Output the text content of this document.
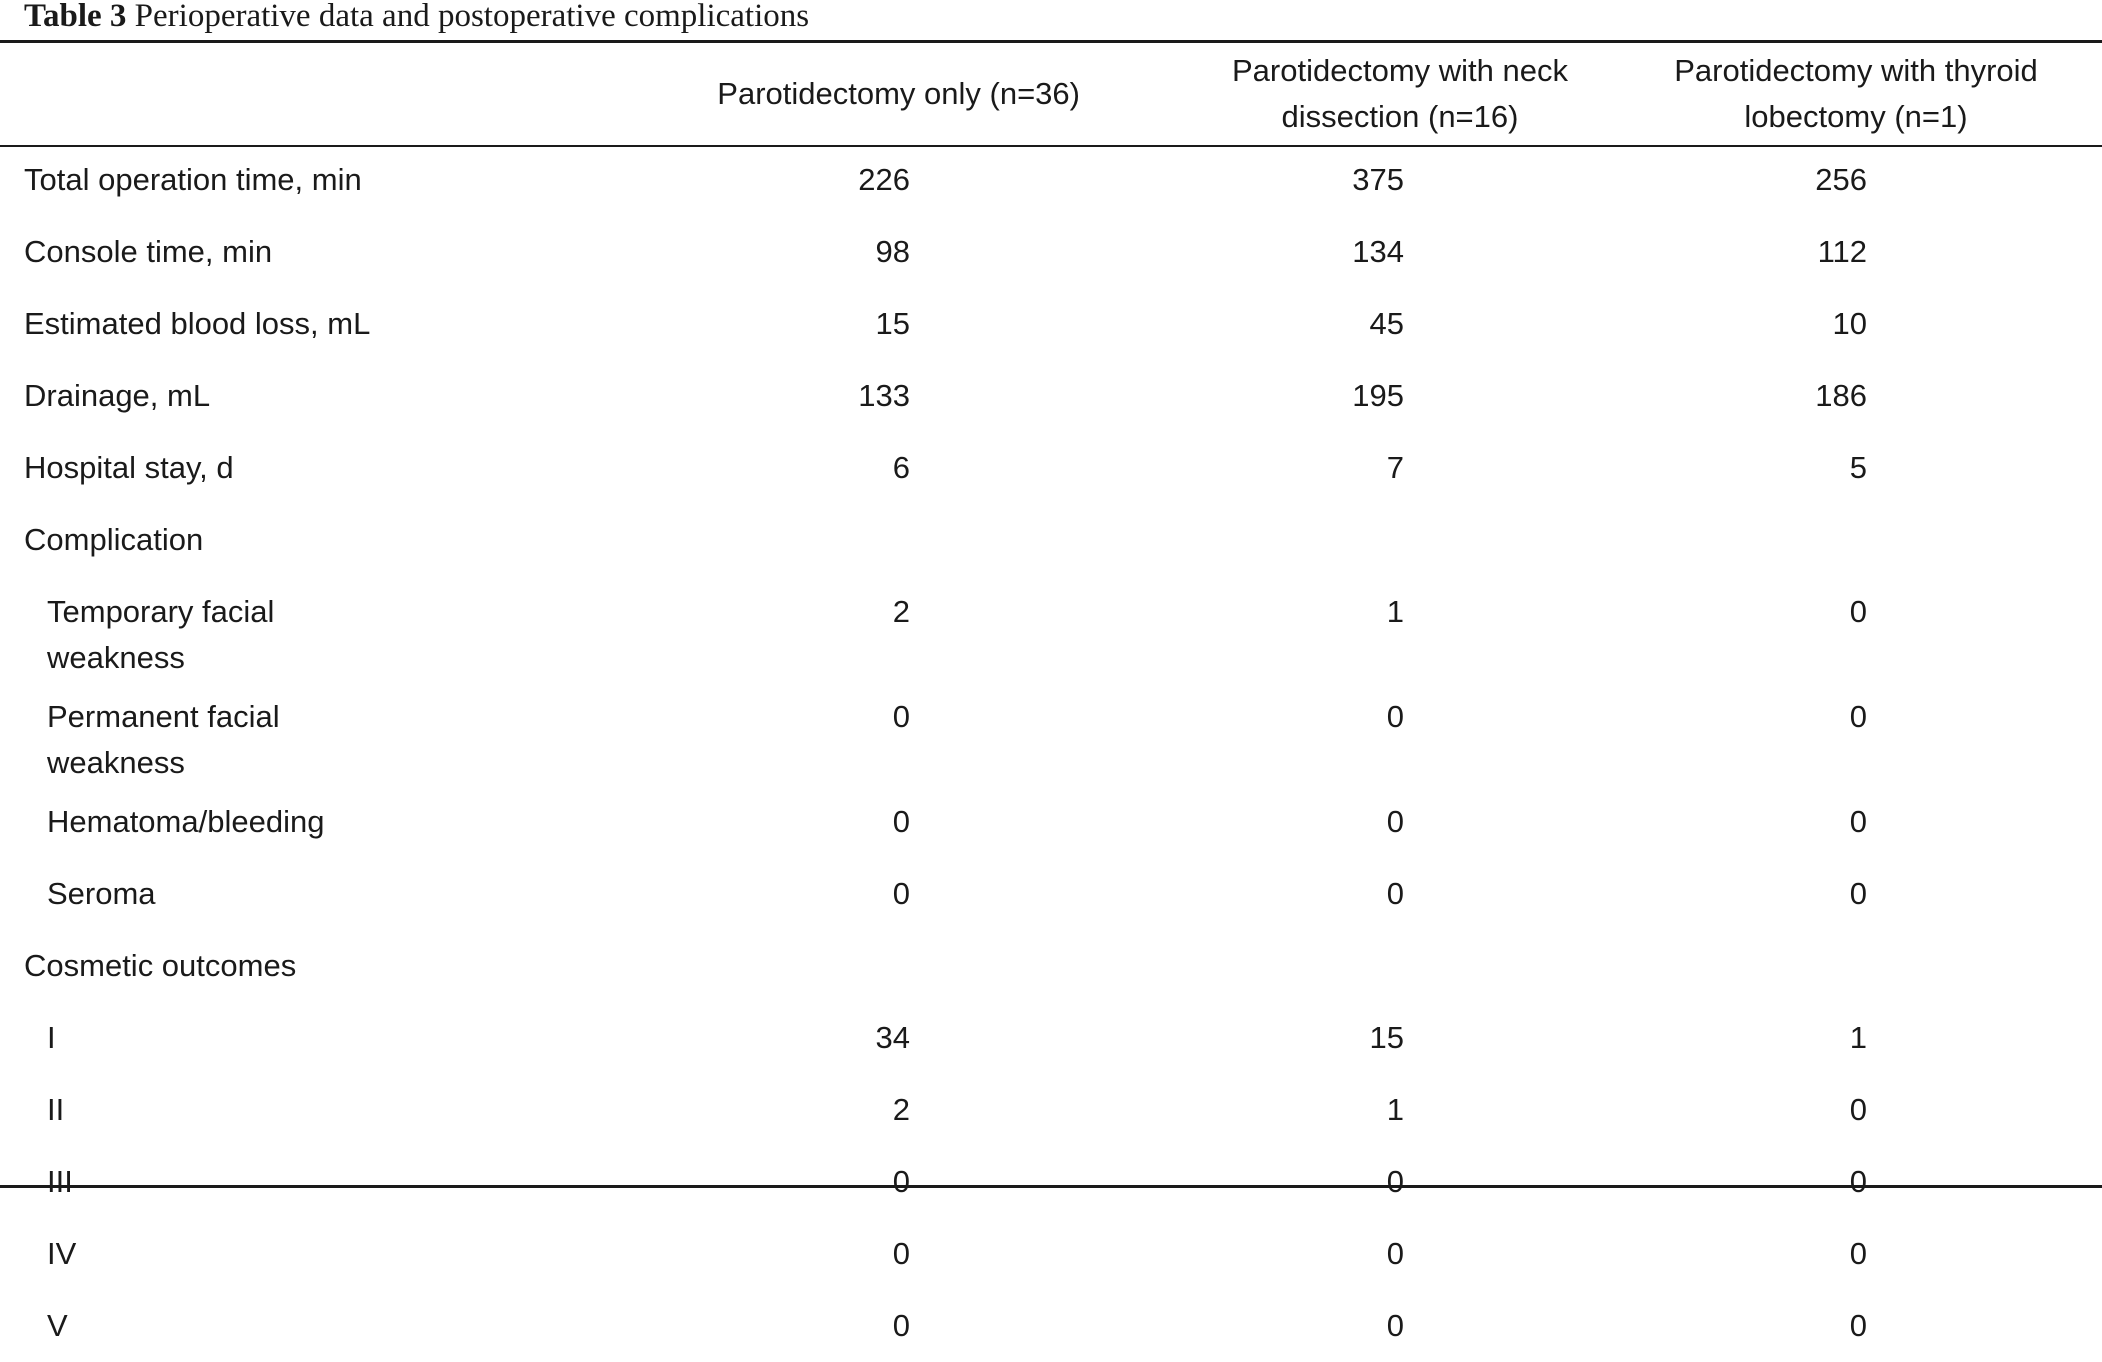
Table 3 Perioperative data and postoperative complications
	Parotidectomy only (n=36)	Parotidectomy with neck dissection (n=16)	Parotidectomy with thyroid lobectomy (n=1)
Total operation time, min	226	375	256
Console time, min	98	134	112
Estimated blood loss, mL	15	45	10
Drainage, mL	133	195	186
Hospital stay, d	6	7	5
Complication			
Temporary facial weakness	2	1	0
Permanent facial weakness	0	0	0
Hematoma/bleeding	0	0	0
Seroma	0	0	0
Cosmetic outcomes			
I	34	15	1
II	2	1	0
III	0	0	0
IV	0	0	0
V	0	0	0
